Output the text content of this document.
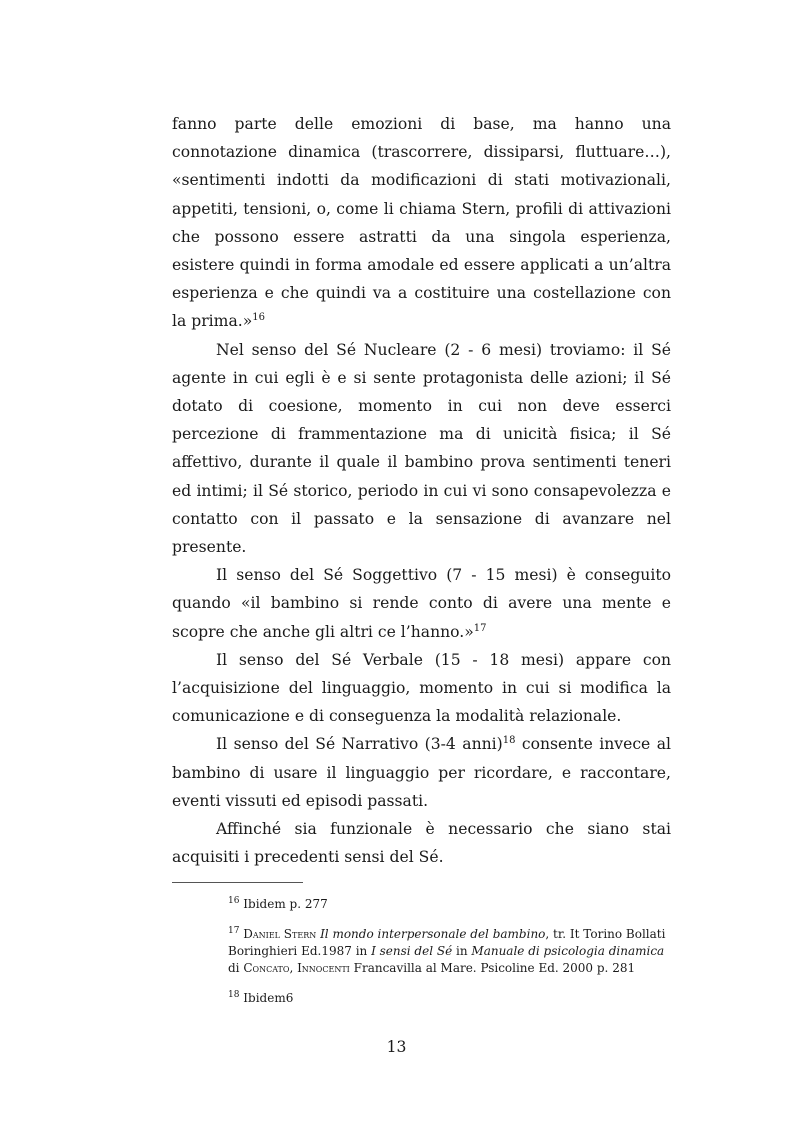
fanno parte delle emozioni di base, ma hanno una connotazione dinamica (trascorrere, dissiparsi, fluttuare…), «sentimenti indotti da modificazioni di stati motivazionali, appetiti, tensioni, o, come li chiama Stern, profili di attivazioni che possono essere astratti da una singola esperienza, esistere quindi in forma amodale ed essere applicati a un’altra esperienza e che quindi va a costituire una costellazione con la prima.»$^{16}$

Nel senso del Sé Nucleare (2 - 6 mesi) troviamo: il Sé agente in cui egli è e si sente protagonista delle azioni; il Sé dotato di coesione, momento in cui non deve esserci percezione di frammentazione ma di unicità fisica; il Sé affettivo, durante il quale il bambino prova sentimenti teneri ed intimi; il Sé storico, periodo in cui vi sono consapevolezza e contatto con il passato e la sensazione di avanzare nel presente.

Il senso del Sé Soggettivo (7 - 15 mesi) è conseguito quando «il bambino si rende conto di avere una mente e scopre che anche gli altri ce l’hanno.»$^{17}$

Il senso del Sé Verbale (15 - 18 mesi) appare con l’acquisizione del linguaggio, momento in cui si modifica la comunicazione e di conseguenza la modalità relazionale.

Il senso del Sé Narrativo (3-4 anni)$^{18}$ consente invece al bambino di usare il linguaggio per ricordare, e raccontare, eventi vissuti ed episodi passati.

Affinché sia funzionale è necessario che siano stai acquisiti i precedenti sensi del Sé.

$^{16}$ Ibidem p. 277

$^{17}$ Daniel Stern Il mondo interpersonale del bambino, tr. It Torino Bollati Boringhieri Ed.1987 in I sensi del Sé in Manuale di psicologia dinamica di Concato, Innocenti Francavilla al Mare. Psicoline Ed. 2000 p. 281

$^{18}$ Ibidem6

13
